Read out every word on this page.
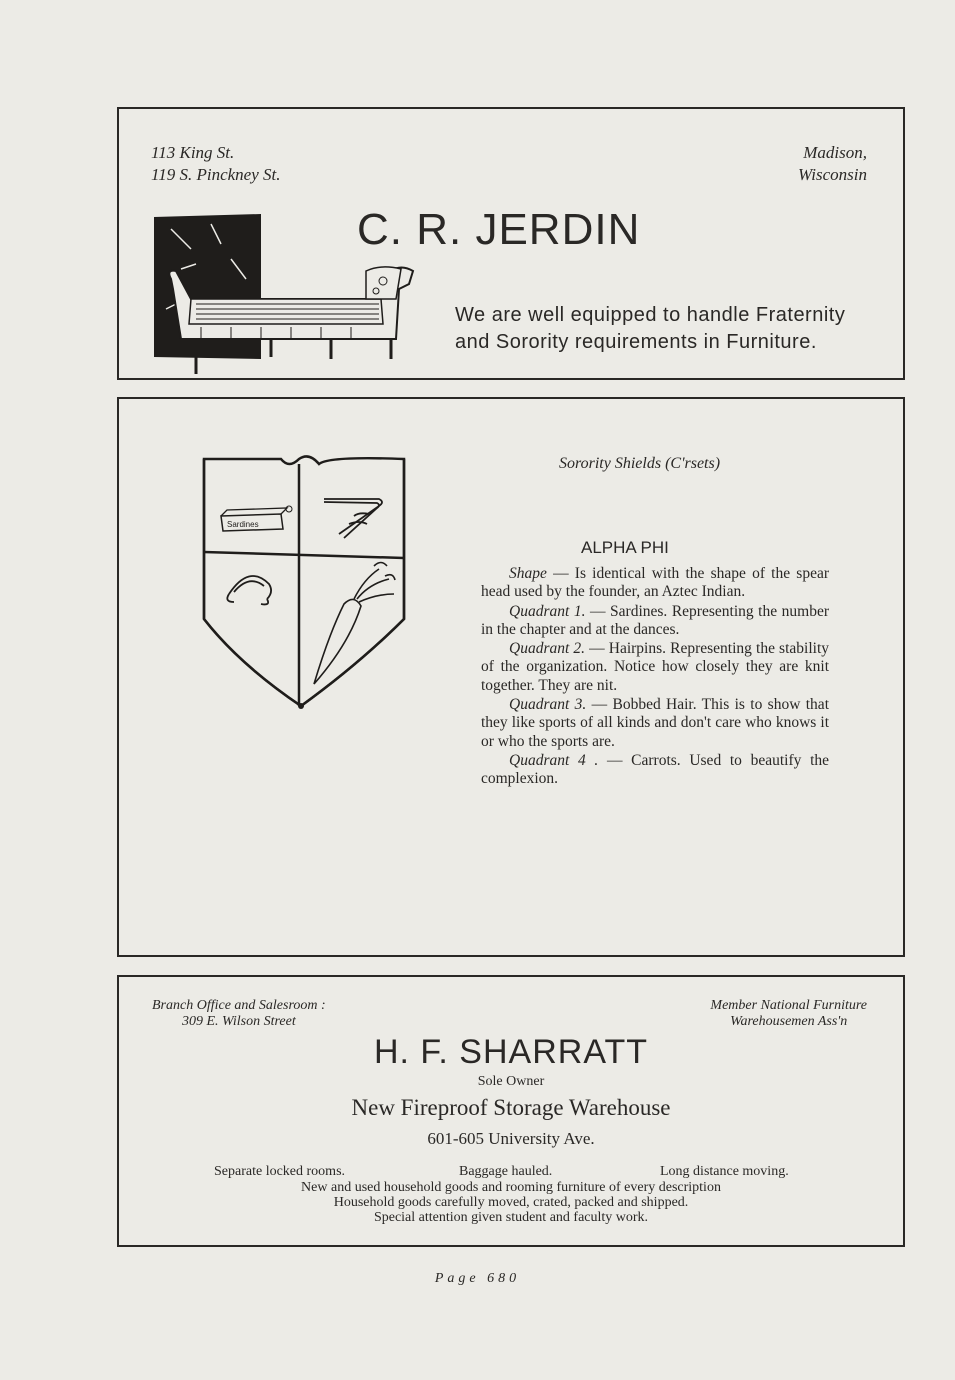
113 King St.
119 S. Pinckney St.
Madison,
Wisconsin
C. R. JERDIN
We are well equipped to handle Fraternity
and Sorority requirements in Furniture.
Sardines
Sorority Shields (C'rsets)
ALPHA PHI

Shape — Is identical with the shape of the spear head used by the founder, an Aztec Indian.

Quadrant 1. — Sardines. Representing the number in the chapter and at the dances.

Quadrant 2. — Hairpins. Representing the stability of the organization. Notice how closely they are knit together. They are nit.

Quadrant 3. — Bobbed Hair. This is to show that they like sports of all kinds and don't care who knows it or who the sports are.

Quadrant 4 . — Carrots. Used to beautify the complexion.

Branch Office and Salesroom :
309 E. Wilson Street
Member National Furniture
Warehousemen Ass'n
H. F. SHARRATT
Sole Owner
New Fireproof Storage Warehouse
601-605 University Ave.
Separate locked rooms.	Baggage hauled.	Long distance moving.
New and used household goods and rooming furniture of every description
Household goods carefully moved, crated, packed and shipped.
Special attention given student and faculty work.
Page 680
